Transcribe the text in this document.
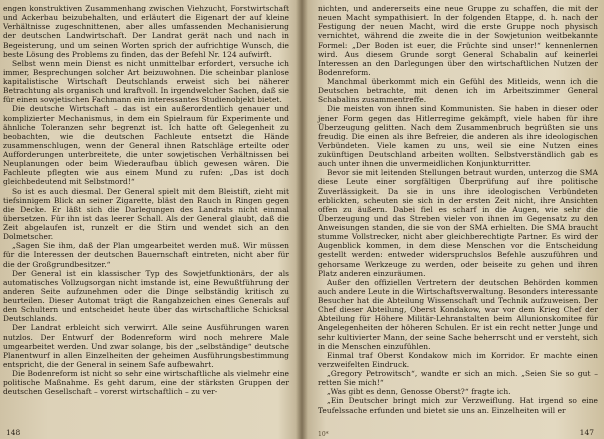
engen konstruktiven Zusammenhang zwischen Viehzucht, Forstwirtschaft und Ackerbau beizubehalten, und erläutert die Eigenart der auf kleine Verhältnisse zugeschnittenen, aber alles umfassenden Mechanisierung der deutschen Landwirtschaft. Der Landrat gerät nach und nach in Begeisterung, und um seinen Worten sprich der aufrichtige Wunsch, die beste Lösung des Problems zu finden, das der Befehl Nr. 124 aufwirft.

Selbst wenn mein Dienst es nicht unmittelbar erfordert, versuche ich immer, Besprechungen solcher Art beizuwohnen. Die scheinbar planlose kapitalistische Wirtschaft Deutschlands erweist sich bei näherer Betrachtung als organisch und kraftvoll. In irgendwelcher Sachen, daß sie für einen sowjetischen Fachmann ein interessantes Studienobjekt bietet.

Die deutsche Wirtschaft – das ist ein außerordentlich genauer und komplizierter Mechanismus, in dem ein Spielraum für Experimente und ähnliche Toleranzen sehr begrenzt ist. Ich hatte oft Gelegenheit zu beobachten, wie die deutschen Fachleute entsetzt die Hände zusammenschlugen, wenn der General ihnen Ratschläge erteilte oder Aufforderungen unterbreitete, die unter sowjetischen Verhältnissen bei Neuplanungen oder beim Wiederaufbau üblich gewesen wären. Die Fachleute pflegten wie aus einem Mund zu rufen: „Das ist doch gleichbedeutend mit Selbstmord!“

So ist es auch diesmal. Der General spielt mit dem Bleistift, zieht mit tiefsinnigem Blick an seiner Zigarette, bläst den Rauch in Ringen gegen die Decke. Er läßt sich die Darlegungen des Landrats nicht einmal übersetzen. Für ihn ist das leerer Schall. Als der General glaubt, daß die Zeit abgelaufen ist, runzelt er die Stirn und wendet sich an den Dolmetscher.

„Sagen Sie ihm, daß der Plan umgearbeitet werden muß. Wir müssen für die Interessen der deutschen Bauernschaft eintreten, nicht aber für die der Großgrundbesitzer.“

Der General ist ein klassischer Typ des Sowjetfunktionärs, der als automatisches Vollzugsorgan nicht imstande ist, eine Bewußtführung der anderen Seite aufzunehmen oder die Dinge selbständig kritisch zu beurteilen. Dieser Automat trägt die Rangabzeichen eines Generals auf den Schultern und entscheidet heute über das wirtschaftliche Schicksal Deutschlands.

Der Landrat erbleicht sich verwirrt. Alle seine Ausführungen waren nutzlos. Der Entwurf der Bodenreform wird noch mehrere Male umgearbeitet werden. Und zwar solange, bis der „selbständige“ deutsche Planentwurf in allen Einzelheiten der geheimen Ausführungsbestimmung entspricht, die der General in seinem Safe aufbewahrt.

Die Bodenreform ist nicht so sehr eine wirtschaftliche als vielmehr eine politische Maßnahme. Es geht darum, eine der stärksten Gruppen der deutschen Gesellschaft – vorerst wirtschaftlich – zu ver-

148

nichten, und andererseits eine neue Gruppe zu schaffen, die mit der neuen Macht sympathisiert. In der folgenden Etappe, d. h. nach der Festigung der neuen Macht, wird die erste Gruppe noch physisch vernichtet, während die zweite die in der Sowjetunion weitbekannte Formel: „Der Boden ist euer, die Früchte sind unser!“ kennenlernen wird. Aus diesem Grunde sorgt General Schabalin auf keinerlei Interessen an den Darlegungen über den wirtschaftlichen Nutzen der Bodenreform.

Manchmal überkommt mich ein Gefühl des Mitleids, wenn ich die Deutschen betrachte, mit denen ich im Arbeitszimmer General Schabalins zusammentreffe.

Die meisten von ihnen sind Kommunisten. Sie haben in dieser oder jener Form gegen das Hitlerregime gekämpft, viele haben für ihre Überzeugung gelitten. Nach dem Zusammenbruch begrüßten sie uns freudig. Die einen als ihre Befreier, die anderen als ihre ideologischen Verbündeten. Viele kamen zu uns, weil sie eine Nutzen eines zukünftigen Deutschland arbeiten wollten. Selbstverständlich gab es auch unter ihnen die unvermeidlichen Konjunkturritter.

Bevor sie mit leitenden Stellungen betraut wurden, unterzog die SMA diese Leute einer sorgfältigen Überprüfung auf ihre politische Zuverlässigkeit. Da sie in uns ihre ideologischen Verbündeten erblickten, scheuten sie sich in der ersten Zeit nicht, ihre Ansichten offen zu äußern. Dabei fiel es scharf in die Augen, wie sehr die Überzeugung und das Streben vieler von ihnen im Gegensatz zu den Anweisungen standen, die sie von der SMA erhielten. Die SMA braucht stumme Vollstrecker, nicht aber gleichberechtigte Partner. Es wird der Augenblick kommen, in dem diese Menschen vor die Entscheidung gestellt werden: entweder widerspruchslos Befehle auszuführen und gehorsame Werkzeuge zu werden, oder beiseite zu gehen und ihren Platz anderen einzuräumen.

Außer den offiziellen Vertretern der deutschen Behörden kommen auch andere Leute in die Wirtschaftsverwaltung. Besonders interessante Besucher hat die Abteilung Wissenschaft und Technik aufzuweisen. Der Chef dieser Abteilung, Oberst Kondakow, war vor dem Krieg Chef der Abteilung für Höhere Militär-Lehranstalten beim Allunionskomitee für Angelegenheiten der höheren Schulen. Er ist ein recht netter Junge und sehr kultivierter Mann, der seine Sache beherrscht und er versteht, sich in die Menschen einzufühlen.

Einmal traf Oberst Kondakow mich im Korridor. Er machte einen verzweifelten Eindruck.

„Gregory Petrowitsch“, wandte er sich an mich. „Seien Sie so gut – retten Sie mich!“

„Was gibt es denn, Genosse Oberst?“ fragte ich.

„Ein Deutscher bringt mich zur Verzweiflung. Hat irgend so eine Teufelssache erfunden und bietet sie uns an. Einzelheiten will er

147
10*
